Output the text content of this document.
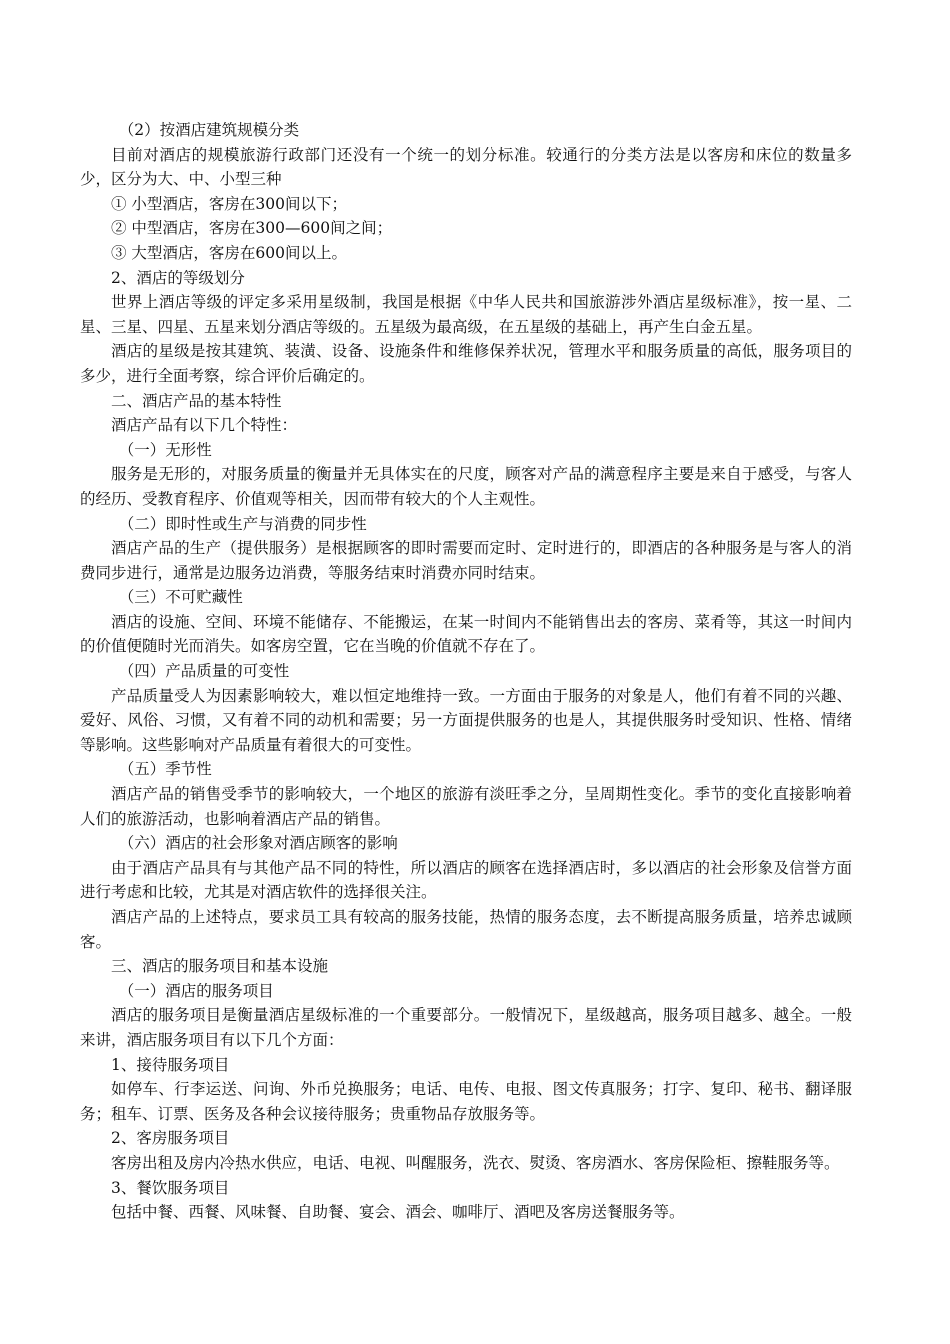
（2）按酒店建筑规模分类

目前对酒店的规模旅游行政部门还没有一个统一的划分标准。较通行的分类方法是以客房和床位的数量多少，区分为大、中、小型三种

① 小型酒店，客房在300间以下；

② 中型酒店，客房在300—600间之间；

③ 大型酒店，客房在600间以上。

2、酒店的等级划分

世界上酒店等级的评定多采用星级制，我国是根据《中华人民共和国旅游涉外酒店星级标准》，按一星、二星、三星、四星、五星来划分酒店等级的。五星级为最高级，在五星级的基础上，再产生白金五星。

酒店的星级是按其建筑、装潢、设备、设施条件和维修保养状况，管理水平和服务质量的高低，服务项目的多少，进行全面考察，综合评价后确定的。

二、酒店产品的基本特性

酒店产品有以下几个特性：

（一）无形性

服务是无形的，对服务质量的衡量并无具体实在的尺度，顾客对产品的满意程序主要是来自于感受，与客人的经历、受教育程序、价值观等相关，因而带有较大的个人主观性。

（二）即时性或生产与消费的同步性

酒店产品的生产（提供服务）是根据顾客的即时需要而定时、定时进行的，即酒店的各种服务是与客人的消费同步进行，通常是边服务边消费，等服务结束时消费亦同时结束。

（三）不可贮藏性

酒店的设施、空间、环境不能储存、不能搬运，在某一时间内不能销售出去的客房、菜肴等，其这一时间内的价值便随时光而消失。如客房空置，它在当晚的价值就不存在了。

（四）产品质量的可变性

产品质量受人为因素影响较大，难以恒定地维持一致。一方面由于服务的对象是人，他们有着不同的兴趣、爱好、风俗、习惯，又有着不同的动机和需要；另一方面提供服务的也是人，其提供服务时受知识、性格、情绪等影响。这些影响对产品质量有着很大的可变性。

（五）季节性

酒店产品的销售受季节的影响较大，一个地区的旅游有淡旺季之分，呈周期性变化。季节的变化直接影响着人们的旅游活动，也影响着酒店产品的销售。

（六）酒店的社会形象对酒店顾客的影响

由于酒店产品具有与其他产品不同的特性，所以酒店的顾客在选择酒店时，多以酒店的社会形象及信誉方面进行考虑和比较，尤其是对酒店软件的选择很关注。

酒店产品的上述特点，要求员工具有较高的服务技能，热情的服务态度，去不断提高服务质量，培养忠诚顾客。

三、酒店的服务项目和基本设施

（一）酒店的服务项目

酒店的服务项目是衡量酒店星级标准的一个重要部分。一般情况下，星级越高，服务项目越多、越全。一般来讲，酒店服务项目有以下几个方面：

1、接待服务项目

如停车、行李运送、问询、外币兑换服务；电话、电传、电报、图文传真服务；打字、复印、秘书、翻译服务；租车、订票、医务及各种会议接待服务；贵重物品存放服务等。

2、客房服务项目

客房出租及房内冷热水供应，电话、电视、叫醒服务，洗衣、熨烫、客房酒水、客房保险柜、擦鞋服务等。

3、餐饮服务项目

包括中餐、西餐、风味餐、自助餐、宴会、酒会、咖啡厅、酒吧及客房送餐服务等。
